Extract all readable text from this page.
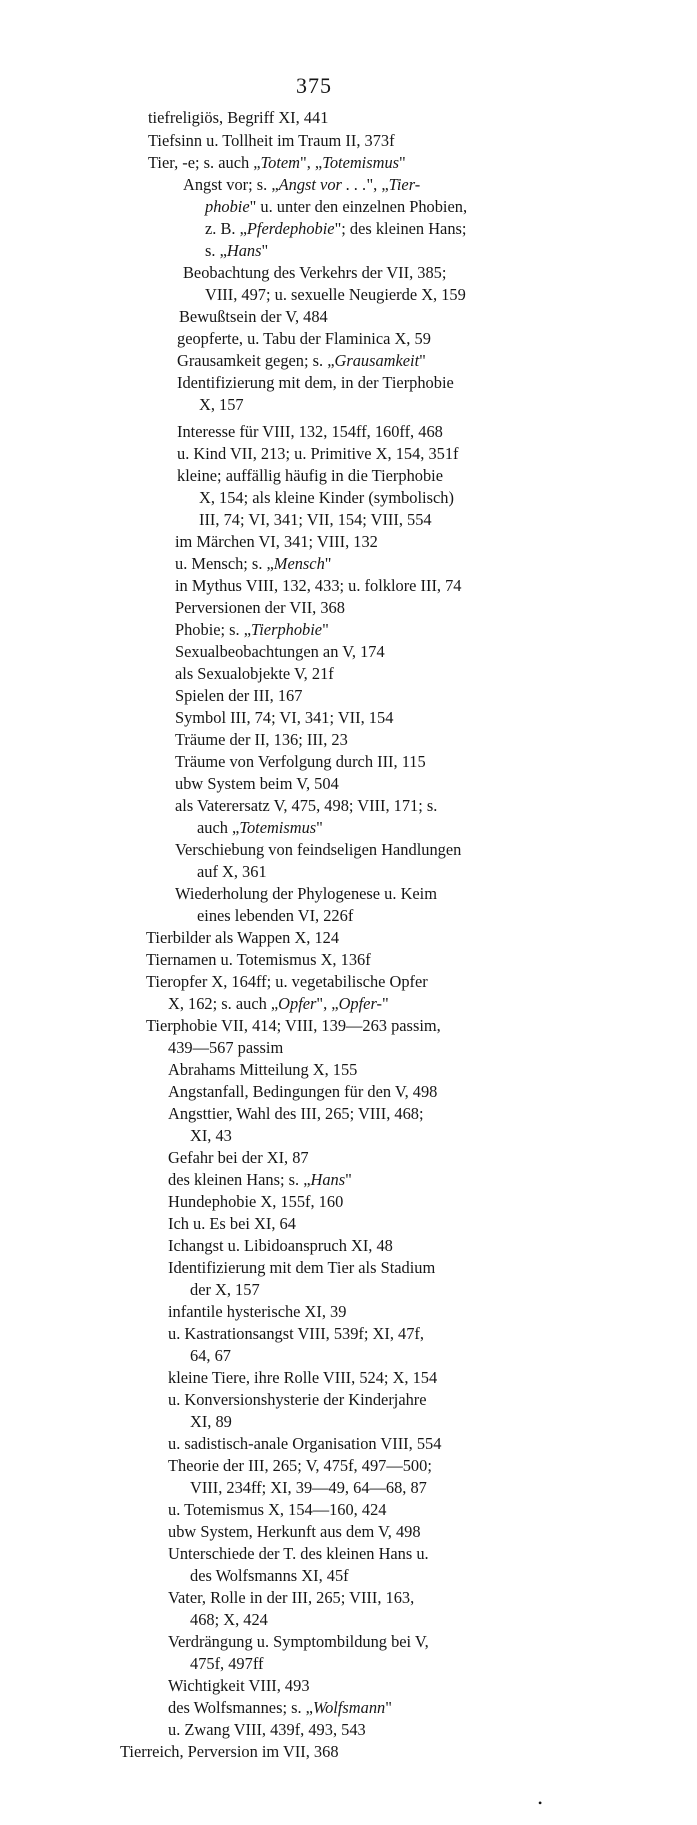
375
tiefreligiös, Begriff XI, 441
Tiefsinn u. Tollheit im Traum II, 373f
Tier, -e; s. auch „Totem", „Totemismus"
Angst vor; s. „Angst vor . . .", „Tier-
phobie" u. unter den einzelnen Phobien,
z. B. „Pferdephobie"; des kleinen Hans;
s. „Hans"
Beobachtung des Verkehrs der VII, 385;
VIII, 497; u. sexuelle Neugierde X, 159
Bewußtsein der V, 484
geopferte, u. Tabu der Flaminica X, 59
Grausamkeit gegen; s. „Grausamkeit"
Identifizierung mit dem, in der Tierphobie
X, 157
Interesse für VIII, 132, 154ff, 160ff, 468
u. Kind VII, 213; u. Primitive X, 154, 351f
kleine; auffällig häufig in die Tierphobie
X, 154; als kleine Kinder (symbolisch)
III, 74; VI, 341; VII, 154; VIII, 554
im Märchen VI, 341; VIII, 132
u. Mensch; s. „Mensch"
in Mythus VIII, 132, 433; u. folklore III, 74
Perversionen der VII, 368
Phobie; s. „Tierphobie"
Sexualbeobachtungen an V, 174
als Sexualobjekte V, 21f
Spielen der III, 167
Symbol III, 74; VI, 341; VII, 154
Träume der II, 136; III, 23
Träume von Verfolgung durch III, 115
ubw System beim V, 504
als Vaterersatz V, 475, 498; VIII, 171; s.
auch „Totemismus"
Verschiebung von feindseligen Handlungen
auf X, 361
Wiederholung der Phylogenese u. Keim
eines lebenden VI, 226f
Tierbilder als Wappen X, 124
Tiernamen u. Totemismus X, 136f
Tieropfer X, 164ff; u. vegetabilische Opfer
X, 162; s. auch „Opfer", „Opfer-"
Tierphobie VII, 414; VIII, 139—263 passim,
439—567 passim
Abrahams Mitteilung X, 155
Angstanfall, Bedingungen für den V, 498
Angsttier, Wahl des III, 265; VIII, 468;
XI, 43
Gefahr bei der XI, 87
des kleinen Hans; s. „Hans"
Hundephobie X, 155f, 160
Ich u. Es bei XI, 64
Ichangst u. Libidoanspruch XI, 48
Identifizierung mit dem Tier als Stadium
der X, 157
infantile hysterische XI, 39
u. Kastrationsangst VIII, 539f; XI, 47f,
64, 67
kleine Tiere, ihre Rolle VIII, 524; X, 154
u. Konversionshysterie der Kinderjahre
XI, 89
u. sadistisch-anale Organisation VIII, 554
Theorie der III, 265; V, 475f, 497—500;
VIII, 234ff; XI, 39—49, 64—68, 87
u. Totemismus X, 154—160, 424
ubw System, Herkunft aus dem V, 498
Unterschiede der T. des kleinen Hans u.
des Wolfsmanns XI, 45f
Vater, Rolle in der III, 265; VIII, 163,
468; X, 424
Verdrängung u. Symptombildung bei V,
475f, 497ff
Wichtigkeit VIII, 493
des Wolfsmannes; s. „Wolfsmann"
u. Zwang VIII, 439f, 493, 543
Tierreich, Perversion im VII, 368
•
